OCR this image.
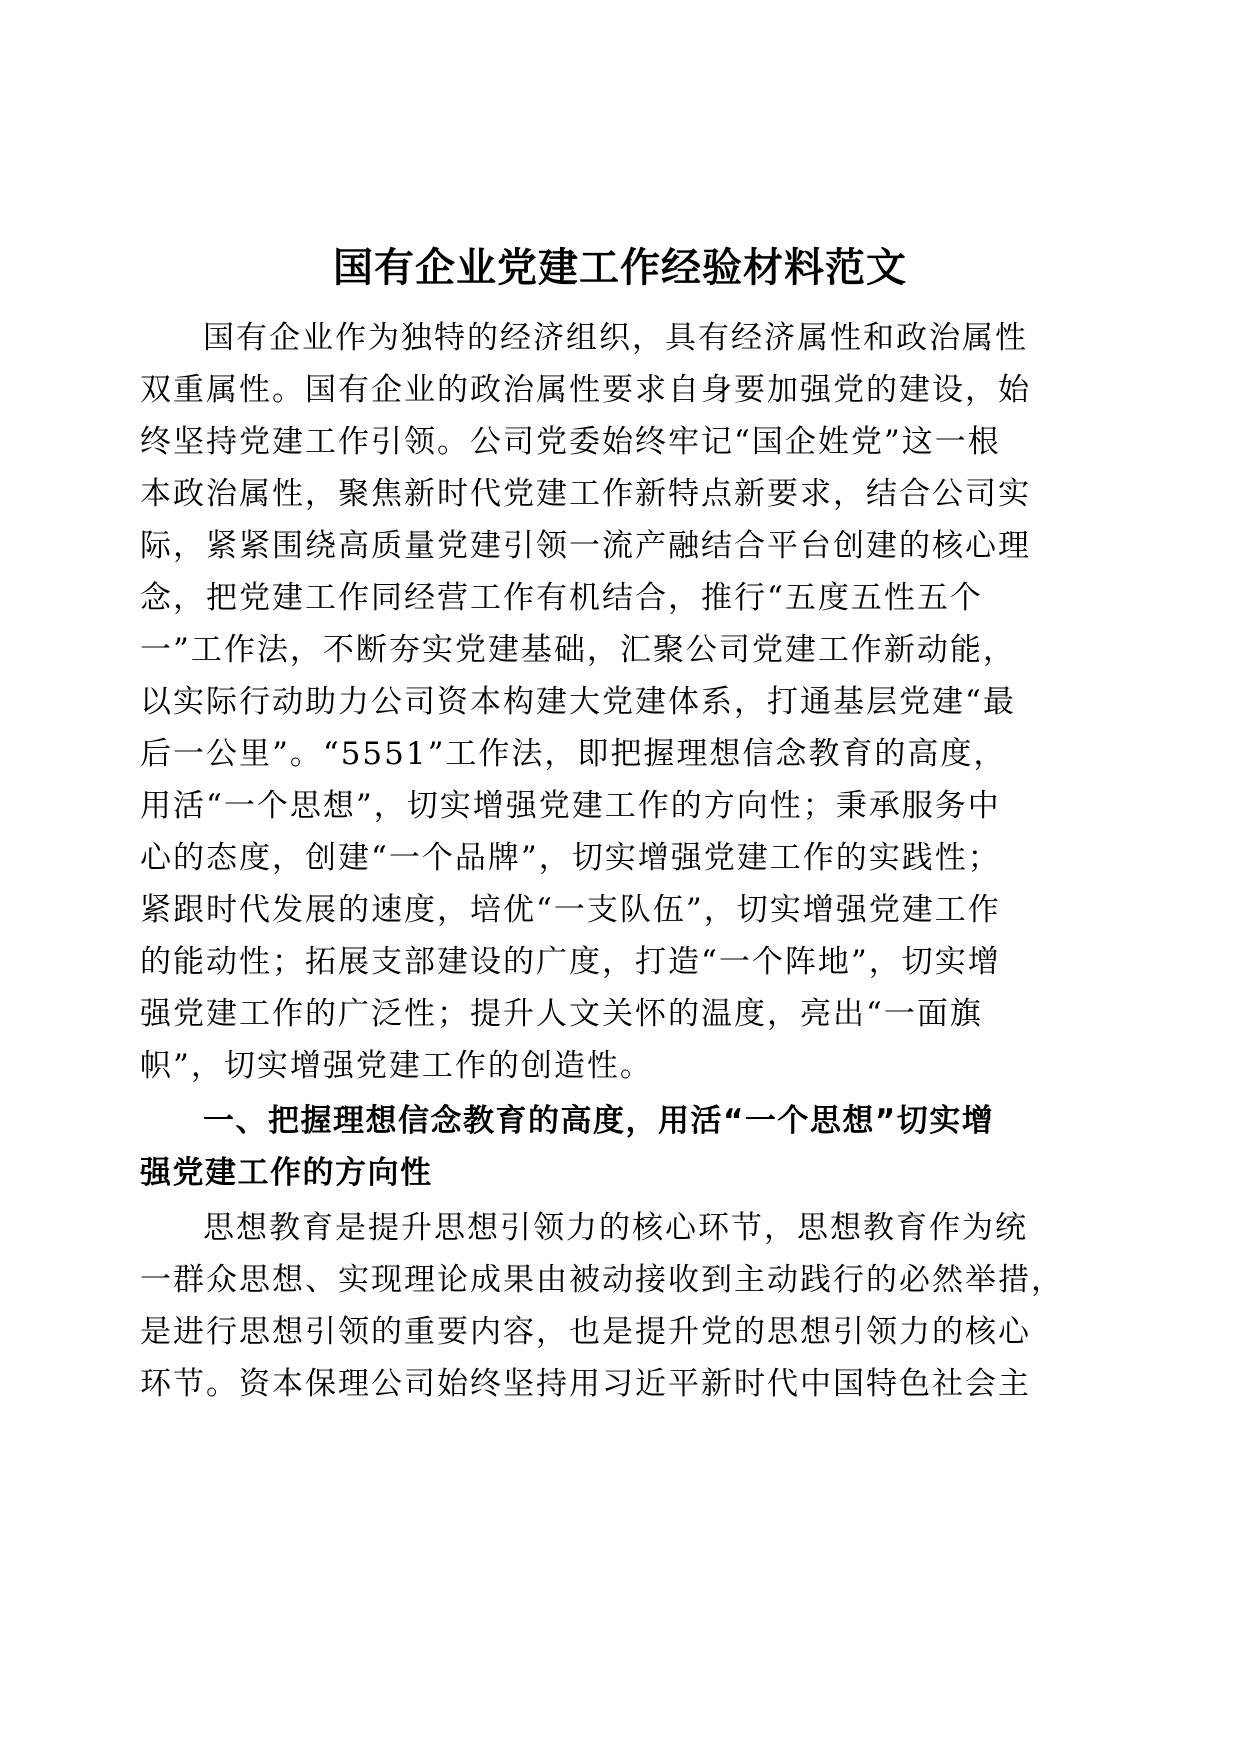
国有企业党建工作经验材料范文

国有企业作为独特的经济组织，具有经济属性和政治属性

双重属性。国有企业的政治属性要求自身要加强党的建设，始

终坚持党建工作引领。公司党委始终牢记“国企姓党”这一根

本政治属性，聚焦新时代党建工作新特点新要求，结合公司实

际，紧紧围绕高质量党建引领一流产融结合平台创建的核心理

念，把党建工作同经营工作有机结合，推行“五度五性五个

一”工作法，不断夯实党建基础，汇聚公司党建工作新动能，

以实际行动助力公司资本构建大党建体系，打通基层党建“最

后一公里”。“5551”工作法，即把握理想信念教育的高度，

用活“一个思想”，切实增强党建工作的方向性；秉承服务中

心的态度，创建“一个品牌”，切实增强党建工作的实践性；

紧跟时代发展的速度，培优“一支队伍”，切实增强党建工作

的能动性；拓展支部建设的广度，打造“一个阵地”，切实增

强党建工作的广泛性；提升人文关怀的温度，亮出“一面旗

帜”，切实增强党建工作的创造性。

一、把握理想信念教育的高度，用活“一个思想”切实增

强党建工作的方向性

思想教育是提升思想引领力的核心环节，思想教育作为统

一群众思想、实现理论成果由被动接收到主动践行的必然举措，

是进行思想引领的重要内容，也是提升党的思想引领力的核心

环节。资本保理公司始终坚持用习近平新时代中国特色社会主
